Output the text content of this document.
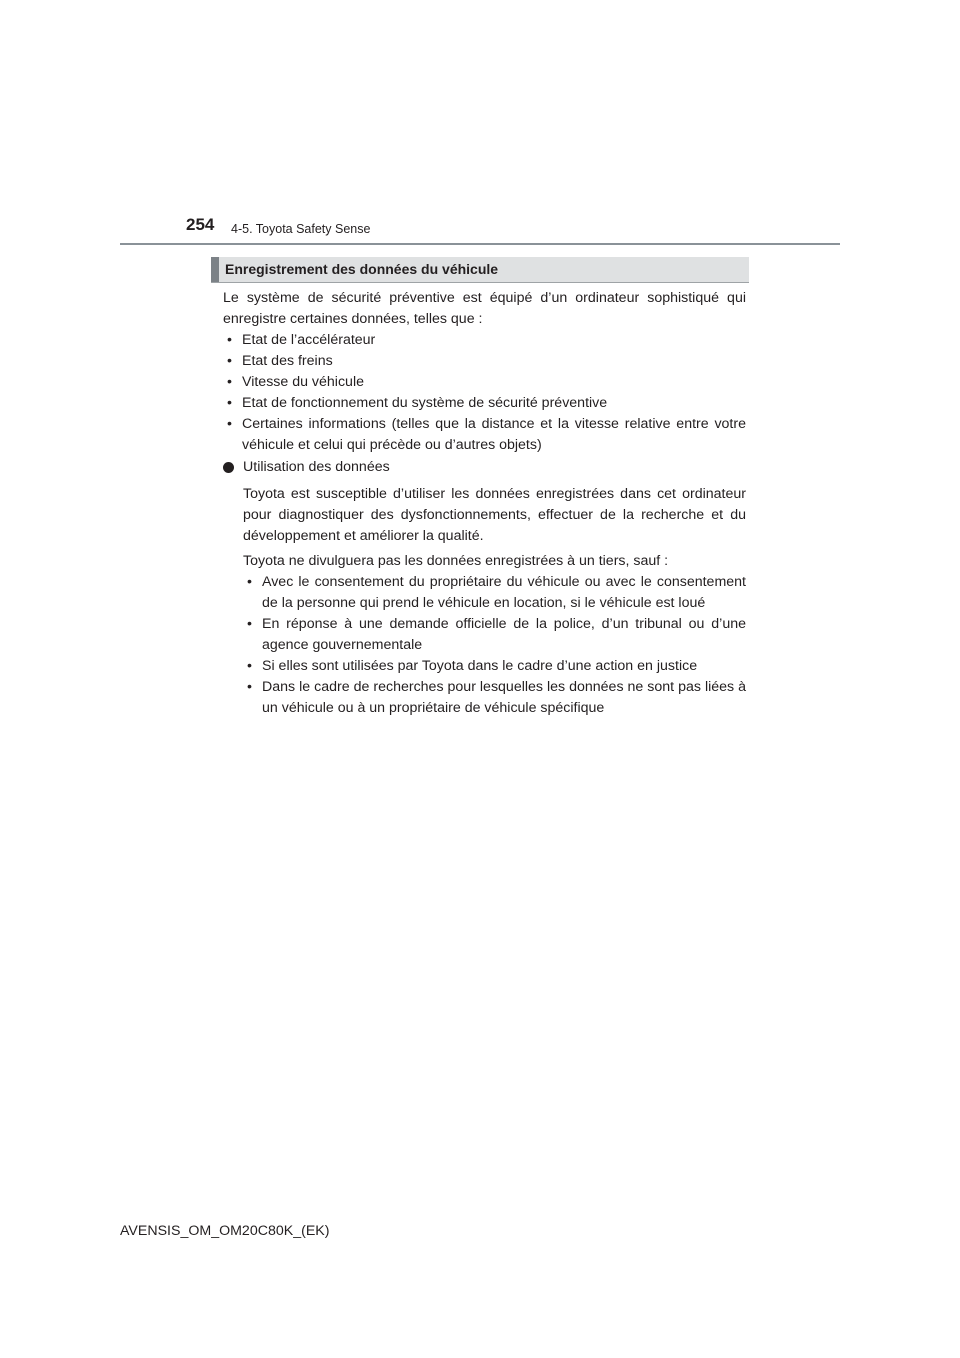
254 4-5. Toyota Safety Sense
Enregistrement des données du véhicule
Le système de sécurité préventive est équipé d’un ordinateur sophistiqué qui enregistre certaines données, telles que :
• Etat de l’accélérateur
• Etat des freins
• Vitesse du véhicule
• Etat de fonctionnement du système de sécurité préventive
• Certaines informations (telles que la distance et la vitesse relative entre votre véhicule et celui qui précède ou d’autres objets)
Utilisation des données
Toyota est susceptible d’utiliser les données enregistrées dans cet ordinateur pour diagnostiquer des dysfonctionnements, effectuer de la recherche et du développement et améliorer la qualité.
Toyota ne divulguera pas les données enregistrées à un tiers, sauf :
• Avec le consentement du propriétaire du véhicule ou avec le consentement de la personne qui prend le véhicule en location, si le véhicule est loué
• En réponse à une demande officielle de la police, d’un tribunal ou d’une agence gouvernementale
• Si elles sont utilisées par Toyota dans le cadre d’une action en justice
• Dans le cadre de recherches pour lesquelles les données ne sont pas liées à un véhicule ou à un propriétaire de véhicule spécifique
AVENSIS_OM_OM20C80K_(EK)
